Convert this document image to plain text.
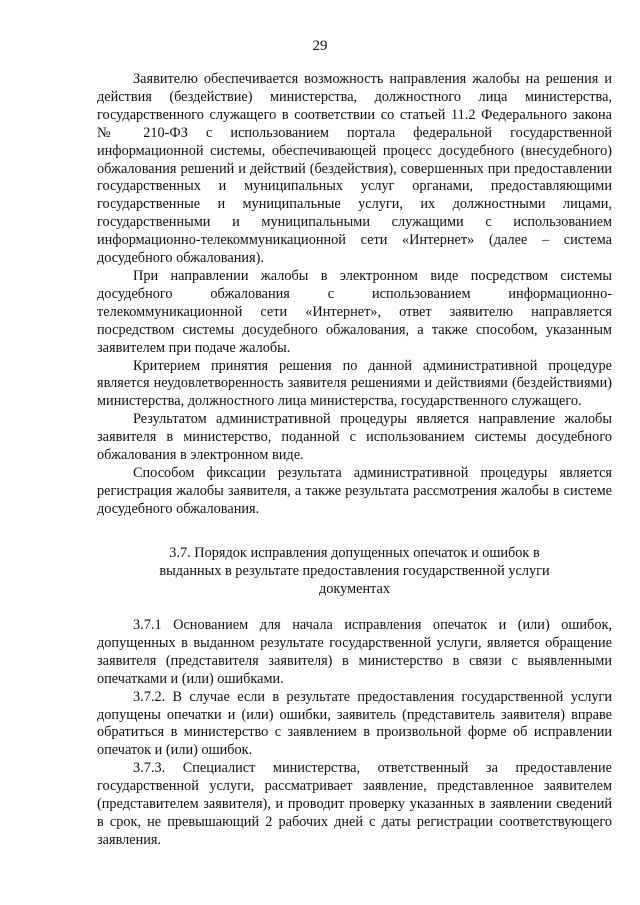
29

Заявителю обеспечивается возможность направления жалобы на решения и действия (бездействие) министерства, должностного лица министерства, государственного служащего в соответствии со статьей 11.2 Федерального закона № 210-ФЗ с использованием портала федеральной государственной информационной системы, обеспечивающей процесс досудебного (внесудебного) обжалования решений и действий (бездействия), совершенных при предоставлении государственных и муниципальных услуг органами, предоставляющими государственные и муниципальные услуги, их должностными лицами, государственными и муниципальными служащими с использованием информационно-телекоммуникационной сети «Интернет» (далее – система досудебного обжалования).

При направлении жалобы в электронном виде посредством системы досудебного обжалования с использованием информационно-телекоммуникационной сети «Интернет», ответ заявителю направляется посредством системы досудебного обжалования, а также способом, указанным заявителем при подаче жалобы.

Критерием принятия решения по данной административной процедуре является неудовлетворенность заявителя решениями и действиями (бездействиями) министерства, должностного лица министерства, государственного служащего.

Результатом административной процедуры является направление жалобы заявителя в министерство, поданной с использованием системы досудебного обжалования в электронном виде.

Способом фиксации результата административной процедуры является регистрация жалобы заявителя, а также результата рассмотрения жалобы в системе досудебного обжалования.

3.7. Порядок исправления допущенных опечаток и ошибок в
выданных в результате предоставления государственной услуги
документах

3.7.1 Основанием для начала исправления опечаток и (или) ошибок, допущенных в выданном результате государственной услуги, является обращение заявителя (представителя заявителя) в министерство в связи с выявленными опечатками и (или) ошибками.

3.7.2. В случае если в результате предоставления государственной услуги допущены опечатки и (или) ошибки, заявитель (представитель заявителя) вправе обратиться в министерство с заявлением в произвольной форме об исправлении опечаток и (или) ошибок.

3.7.3. Специалист министерства, ответственный за предоставление государственной услуги, рассматривает заявление, представленное заявителем (представителем заявителя), и проводит проверку указанных в заявлении сведений в срок, не превышающий 2 рабочих дней с даты регистрации соответствующего заявления.
